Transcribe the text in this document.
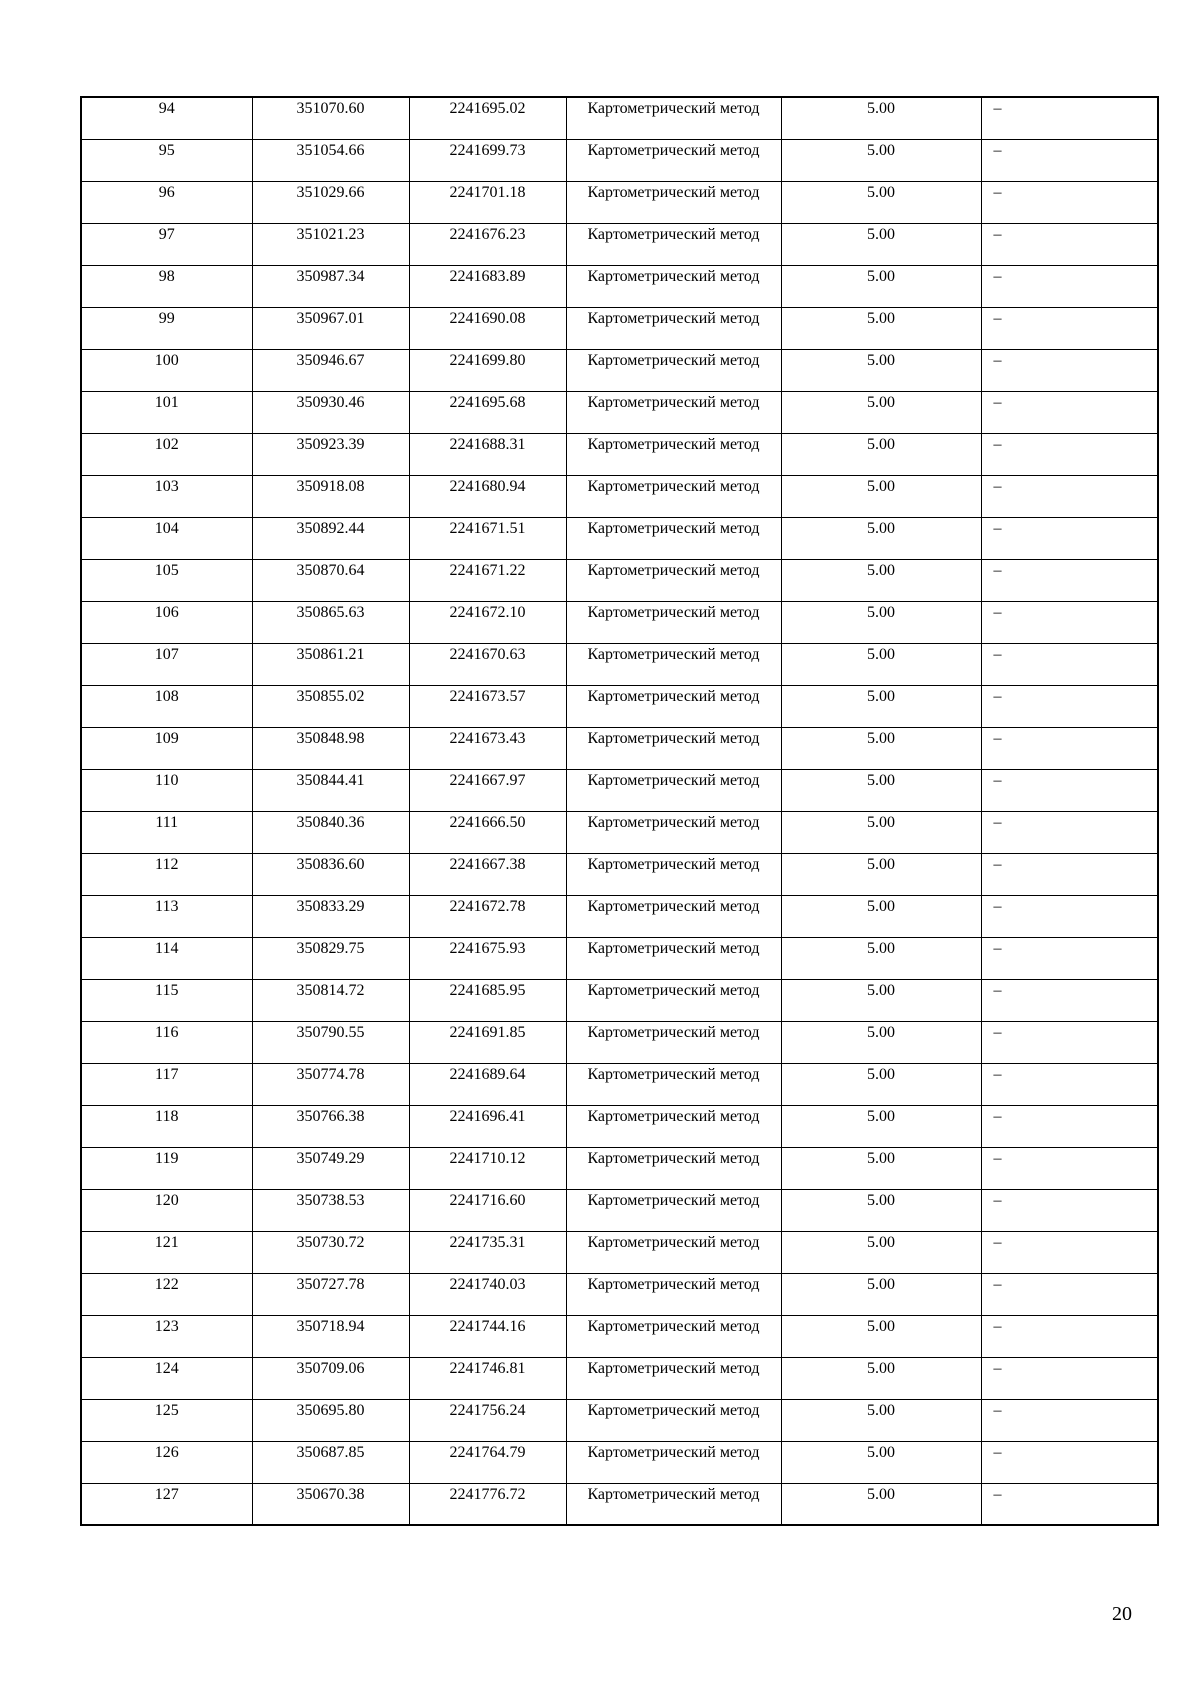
94	351070.60	2241695.02	Картометрический метод	5.00	–
95	351054.66	2241699.73	Картометрический метод	5.00	–
96	351029.66	2241701.18	Картометрический метод	5.00	–
97	351021.23	2241676.23	Картометрический метод	5.00	–
98	350987.34	2241683.89	Картометрический метод	5.00	–
99	350967.01	2241690.08	Картометрический метод	5.00	–
100	350946.67	2241699.80	Картометрический метод	5.00	–
101	350930.46	2241695.68	Картометрический метод	5.00	–
102	350923.39	2241688.31	Картометрический метод	5.00	–
103	350918.08	2241680.94	Картометрический метод	5.00	–
104	350892.44	2241671.51	Картометрический метод	5.00	–
105	350870.64	2241671.22	Картометрический метод	5.00	–
106	350865.63	2241672.10	Картометрический метод	5.00	–
107	350861.21	2241670.63	Картометрический метод	5.00	–
108	350855.02	2241673.57	Картометрический метод	5.00	–
109	350848.98	2241673.43	Картометрический метод	5.00	–
110	350844.41	2241667.97	Картометрический метод	5.00	–
111	350840.36	2241666.50	Картометрический метод	5.00	–
112	350836.60	2241667.38	Картометрический метод	5.00	–
113	350833.29	2241672.78	Картометрический метод	5.00	–
114	350829.75	2241675.93	Картометрический метод	5.00	–
115	350814.72	2241685.95	Картометрический метод	5.00	–
116	350790.55	2241691.85	Картометрический метод	5.00	–
117	350774.78	2241689.64	Картометрический метод	5.00	–
118	350766.38	2241696.41	Картометрический метод	5.00	–
119	350749.29	2241710.12	Картометрический метод	5.00	–
120	350738.53	2241716.60	Картометрический метод	5.00	–
121	350730.72	2241735.31	Картометрический метод	5.00	–
122	350727.78	2241740.03	Картометрический метод	5.00	–
123	350718.94	2241744.16	Картометрический метод	5.00	–
124	350709.06	2241746.81	Картометрический метод	5.00	–
125	350695.80	2241756.24	Картометрический метод	5.00	–
126	350687.85	2241764.79	Картометрический метод	5.00	–
127	350670.38	2241776.72	Картометрический метод	5.00	–
20
